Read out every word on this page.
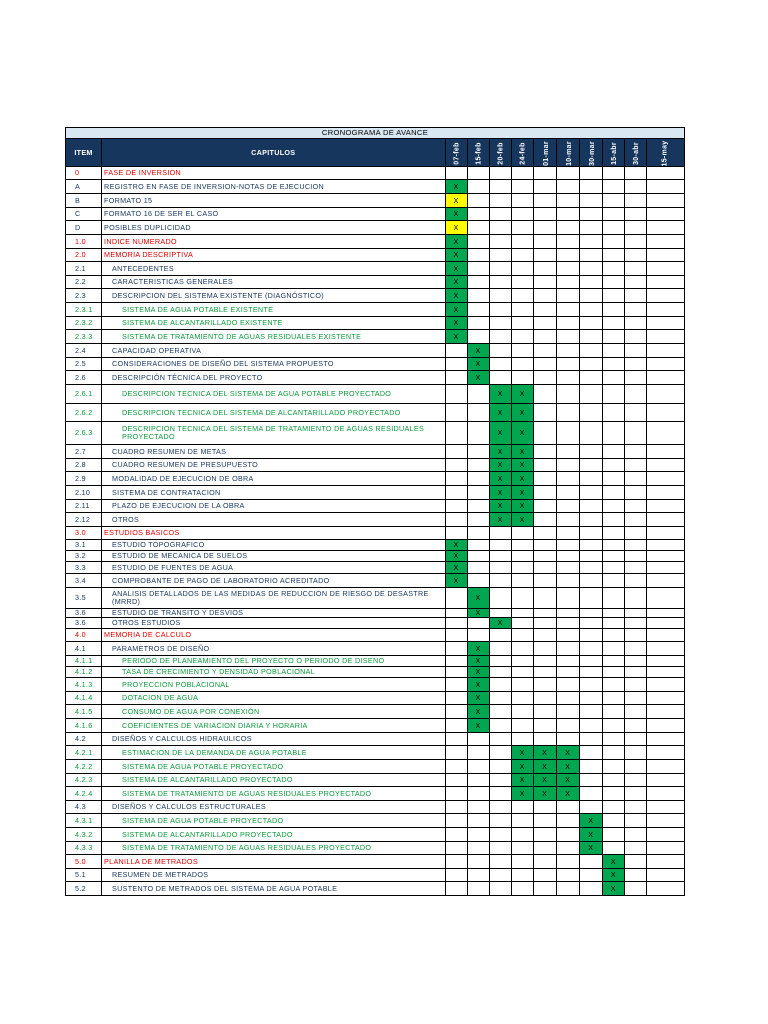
CRONOGRAMA DE AVANCE											
ITEM	CAPITULOS	07-feb	15-feb	20-feb	24-feb	01-mar	10-mar	30-mar	15-abr	30-abr	15-may
0	FASE DE INVERSION										
A	REGISTRO EN FASE DE INVERSION-NOTAS DE EJECUCION	X									
B	FORMATO 15	X									
C	FORMATO 16 DE SER EL CASO	X									
D	POSIBLES DUPLICIDAD	X									
1.0	INDICE NUMERADO	X									
2.0	MEMORIA DESCRIPTIVA	X									
2.1	ANTECEDENTES	X									
2.2	CARACTERISTICAS GENERALES	X									
2.3	DESCRIPCION DEL SISTEMA EXISTENTE (DIAGNÓSTICO)	X									
2.3.1	SISTEMA DE AGUA POTABLE EXISTENTE	X									
2.3.2	SISTEMA DE ALCANTARILLADO EXISTENTE	X									
2.3.3	SISTEMA DE TRATAMIENTO DE AGUAS RESIDUALES EXISTENTE	X									
2.4	CAPACIDAD OPERATIVA		X								
2.5	CONSIDERACIONES DE DISEÑO DEL SISTEMA PROPUESTO		X								
2.6	DESCRIPCIÓN TÉCNICA DEL PROYECTO		X								
2.6.1	DESCRIPCION TECNICA DEL SISTEMA DE AGUA POTABLE PROYECTADO			X	X						
2.6.2	DESCRIPCION TECNICA DEL SISTEMA DE ALCANTARILLADO PROYECTADO			X	X						
2.6.3	DESCRIPCION TECNICA DEL SISTEMA DE TRATAMIENTO DE AGUAS RESIDUALES PROYECTADO			X	X						
2.7	CUADRO RESUMEN DE METAS			X	X						
2.8	CUADRO RESUMEN DE PRESUPUESTO			X	X						
2.9	MODALIDAD DE EJECUCION DE OBRA			X	X						
2.10	SISTEMA DE CONTRATACION			X	X						
2.11	PLAZO DE EJECUCION DE LA OBRA			X	X						
2.12	OTROS			X	X						
3.0	ESTUDIOS BASICOS										
3.1	ESTUDIO TOPOGRAFICO	X									
3.2	ESTUDIO DE MECANICA DE SUELOS	X									
3.3	ESTUDIO DE FUENTES DE AGUA	X									
3.4	COMPROBANTE DE PAGO DE LABORATORIO ACREDITADO	X									
3.5	ANALISIS DETALLADOS DE LAS MEDIDAS DE REDUCCION DE RIESGO DE DESASTRE (MRRD)		X								
3.6	ESTUDIO DE TRANSITO Y DESVIOS		X								
3.6	OTROS ESTUDIOS			X							
4.0	MEMORIA DE CALCULO										
4.1	PARAMETROS DE DISEÑO		X								
4.1.1	PERIODO DE PLANEAMIENTO DEL PROYECTO O PERIODO DE DISENO		X								
4.1.2	TASA DE CRECIMIENTO Y DENSIDAD POBLACIONAL		X								
4.1.3	PROYECCION POBLACIONAL		X								
4.1.4	DOTACION DE AGUA		X								
4.1.5	CONSUMO DE AGUA POR CONEXIÓN		X								
4.1.6	COEFICIENTES DE VARIACION DIARIA Y HORARIA		X								
4.2	DISEÑOS Y CALCULOS HIDRAULICOS										
4.2.1	ESTIMACION DE LA DEMANDA DE AGUA POTABLE				X	X	X				
4.2.2	SISTEMA DE AGUA POTABLE PROYECTADO				X	X	X				
4.2.3	SISTEMA DE ALCANTARILLADO PROYECTADO				X	X	X				
4.2.4	SISTEMA DE TRATAMIENTO DE AGUAS RESIDUALES PROYECTADO				X	X	X				
4.3	DISEÑOS Y CALCULOS ESTRUCTURALES										
4.3.1	SISTEMA DE AGUA POTABLE PROYECTADO							X			
4.3.2	SISTEMA DE ALCANTARILLADO PROYECTADO							X			
4.3.3	SISTEMA DE TRATAMIENTO DE AGUAS RESIDUALES PROYECTADO							X			
5.0	PLANILLA DE METRADOS								X		
5.1	RESUMEN DE METRADOS								X		
5.2	SUSTENTO DE METRADOS DEL SISTEMA DE AGUA POTABLE								X		
